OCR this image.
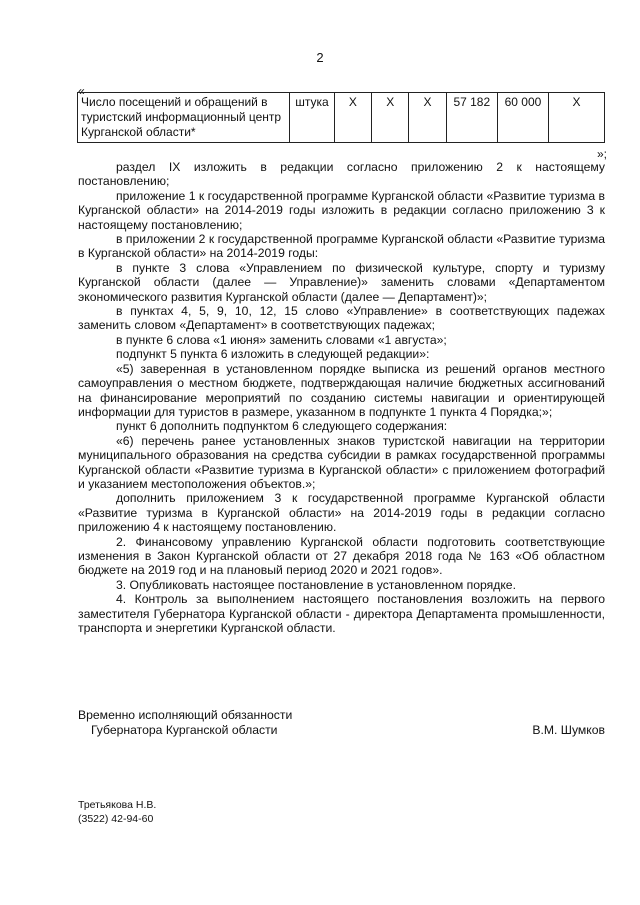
2
«
Число посещений и обращений в туристский информационный центр Курганской области*	штука	Х	Х	Х	57 182	60 000	Х
»;

раздел IX изложить в редакции согласно приложению 2 к настоящему постановлению;

приложение 1 к государственной программе Курганской области «Развитие туризма в Курганской области» на 2014-2019 годы изложить в редакции согласно приложению 3 к настоящему постановлению;

в приложении 2 к государственной программе Курганской области «Развитие туризма в Курганской области» на 2014-2019 годы:

в пункте 3 слова «Управлением по физической культуре, спорту и туризму Курганской области (далее — Управление)» заменить словами «Департаментом экономического развития Курганской области (далее — Департамент)»;

в пунктах 4, 5, 9, 10, 12, 15 слово «Управление» в соответствующих падежах заменить словом «Департамент» в соответствующих падежах;

в пункте 6 слова «1 июня» заменить словами «1 августа»;

подпункт 5 пункта 6 изложить в следующей редакции»:

«5) заверенная в установленном порядке выписка из решений органов местного самоуправления о местном бюджете, подтверждающая наличие бюджетных ассигнований на финансирование мероприятий по созданию системы навигации и ориентирующей информации для туристов в размере, указанном в подпункте 1 пункта 4 Порядка;»;

пункт 6 дополнить подпунктом 6 следующего содержания:

«6) перечень ранее установленных знаков туристской навигации на территории муниципального образования на средства субсидии в рамках государственной программы Курганской области «Развитие туризма в Курганской области» с приложением фотографий и указанием местоположения объектов.»;

дополнить приложением 3 к государственной программе Курганской области «Развитие туризма в Курганской области» на 2014-2019 годы в редакции согласно приложению 4 к настоящему постановлению.

2. Финансовому управлению Курганской области подготовить соответствующие изменения в Закон Курганской области от 27 декабря 2018 года № 163 «Об областном бюджете на 2019 год и на плановый период 2020 и 2021 годов».

3. Опубликовать настоящее постановление в установленном порядке.

4. Контроль за выполнением настоящего постановления возложить на первого заместителя Губернатора Курганской области - директора Департамента промышленности, транспорта и энергетики Курганской области.

Временно исполняющий обязанности
Губернатора Курганской области	В.М. Шумков
Третьякова Н.В.
(3522) 42-94-60
